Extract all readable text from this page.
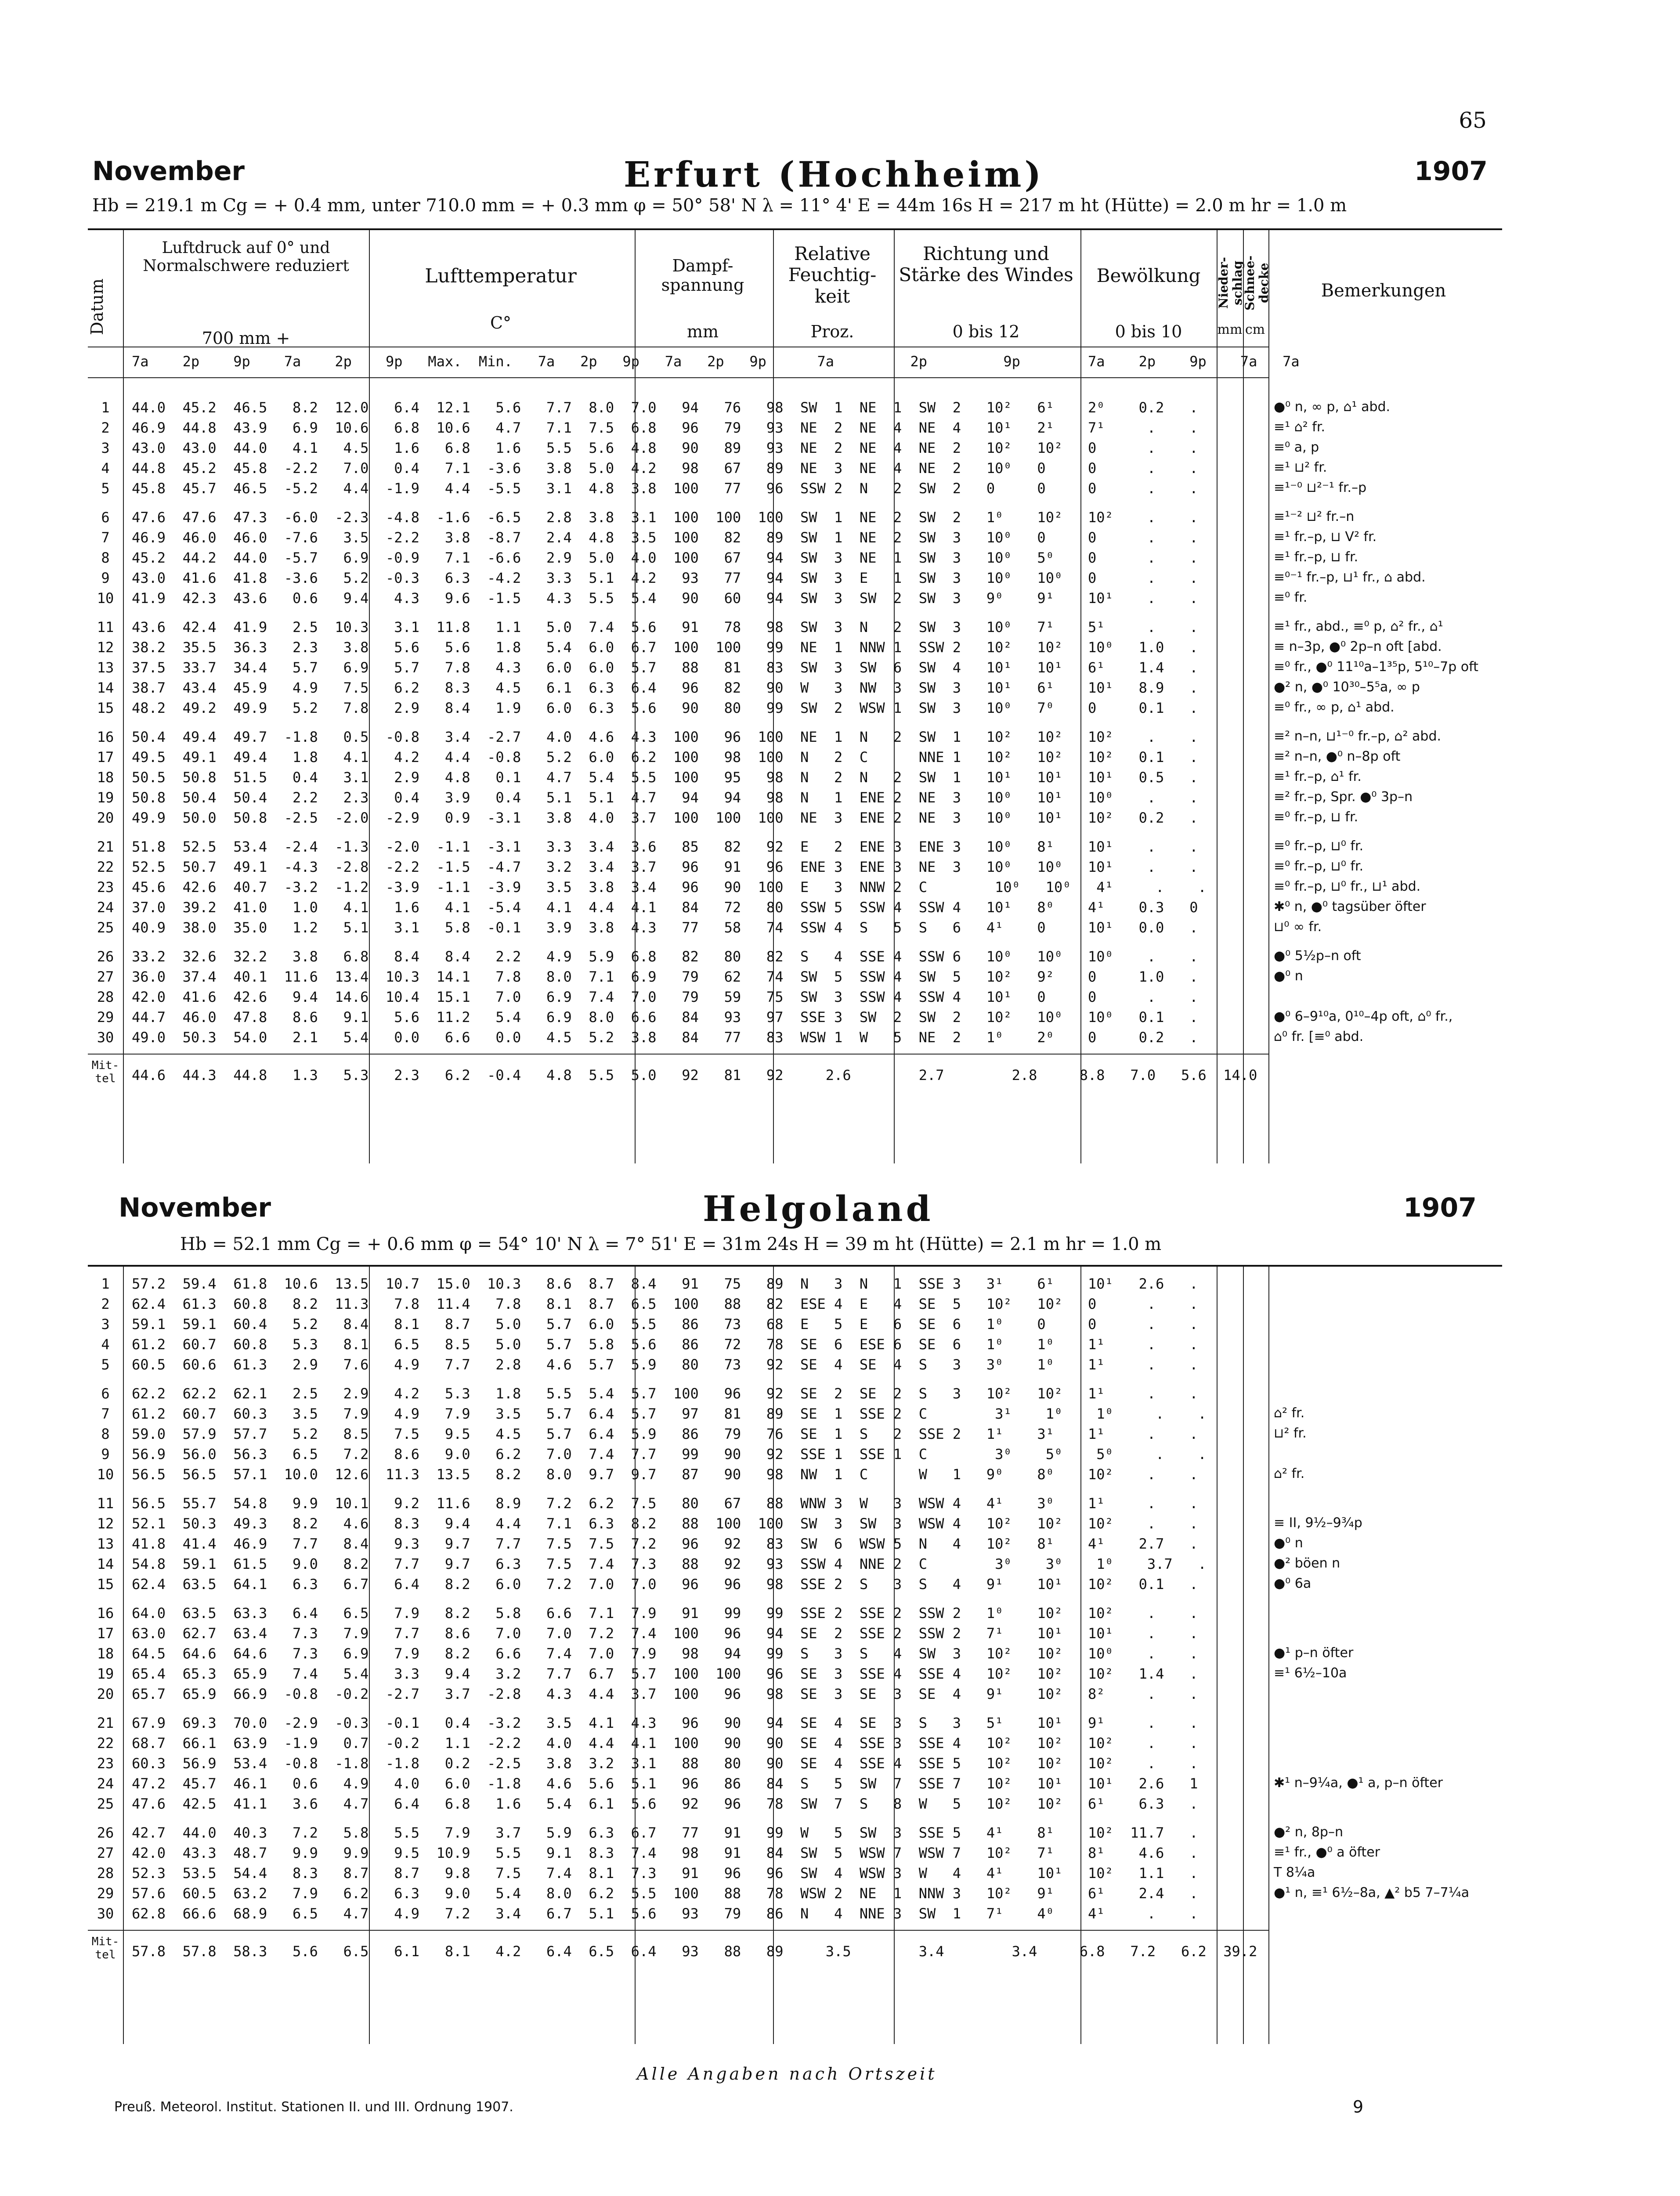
65
November	Erfurt (Hochheim)	1907
Hb = 219.1 m Cg = + 0.4 mm, unter 710.0 mm = + 0.3 mm φ = 50° 58' N λ = 11° 4' E = 44m 16s H = 217 m ht (Hütte) = 2.0 m hr = 1.0 m
Datum
Luftdruck auf 0° und Normalschwere reduziert
700 mm +
Lufttemperatur
C°
Dampf-spannung
mm
Relative Feuchtig-keit
Proz.
Richtung und Stärke des Windes
0 bis 12
Bewölkung
0 bis 10
Nieder-schlag
mm
Schnee-decke
cm
Bemerkungen
7a    2p    9p    7a    2p    9p   Max.  Min.   7a   2p   9p   7a   2p   9p      7a         2p         9p        7a    2p    9p    7a   7a
1	44.0  45.2  46.5   8.2  12.0   6.4  12.1   5.6   7.7  8.0  7.0   94   76   98  SW  1  NE  1  SW  2   10²   6¹    2⁰    0.2   .	●⁰ n, ∞ p, ⌂¹ abd.
2	46.9  44.8  43.9   6.9  10.6   6.8  10.6   4.7   7.1  7.5  6.8   96   79   93  NE  2  NE  4  NE  4   10¹   2¹    7¹     .    .	≡¹ ⌂² fr.
3	43.0  43.0  44.0   4.1   4.5   1.6   6.8   1.6   5.5  5.6  4.8   90   89   93  NE  2  NE  4  NE  2   10²   10²   0      .    .	≡⁰ a, p
4	44.8  45.2  45.8  -2.2   7.0   0.4   7.1  -3.6   3.8  5.0  4.2   98   67   89  NE  3  NE  4  NE  2   10⁰   0     0      .    .	≡¹ ⊔² fr.
5	45.8  45.7  46.5  -5.2   4.4  -1.9   4.4  -5.5   3.1  4.8  3.8  100   77   96  SSW 2  N   2  SW  2   0     0     0      .    .	≡¹⁻⁰ ⊔²⁻¹ fr.–p
6	47.6  47.6  47.3  -6.0  -2.3  -4.8  -1.6  -6.5   2.8  3.8  3.1  100  100  100  SW  1  NE  2  SW  2   1⁰    10²   10²    .    .	≡¹⁻² ⊔² fr.–n
7	46.9  46.0  46.0  -7.6   3.5  -2.2   3.8  -8.7   2.4  4.8  3.5  100   82   89  SW  1  NE  2  SW  3   10⁰   0     0      .    .	≡¹ fr.–p, ⊔ V² fr.
8	45.2  44.2  44.0  -5.7   6.9  -0.9   7.1  -6.6   2.9  5.0  4.0  100   67   94  SW  3  NE  1  SW  3   10⁰   5⁰    0      .    .	≡¹ fr.–p, ⊔ fr.
9	43.0  41.6  41.8  -3.6   5.2  -0.3   6.3  -4.2   3.3  5.1  4.2   93   77   94  SW  3  E   1  SW  3   10⁰   10⁰   0      .    .	≡⁰⁻¹ fr.–p, ⊔¹ fr., ⌂ abd.
10	41.9  42.3  43.6   0.6   9.4   4.3   9.6  -1.5   4.3  5.5  5.4   90   60   94  SW  3  SW  2  SW  3   9⁰    9¹    10¹    .    .	≡⁰ fr.
11	43.6  42.4  41.9   2.5  10.3   3.1  11.8   1.1   5.0  7.4  5.6   91   78   98  SW  3  N   2  SW  3   10⁰   7¹    5¹     .    .	≡¹ fr., abd., ≡⁰ p, ⌂² fr., ⌂¹
12	38.2  35.5  36.3   2.3   3.8   5.6   5.6   1.8   5.4  6.0  6.7  100  100   99  NE  1  NNW 1  SSW 2   10²   10²   10⁰   1.0   .	≡ n–3p, ●⁰ 2p–n oft [abd.
13	37.5  33.7  34.4   5.7   6.9   5.7   7.8   4.3   6.0  6.0  5.7   88   81   83  SW  3  SW  6  SW  4   10¹   10¹   6¹    1.4   .	≡⁰ fr., ●⁰ 11¹⁰a–1³⁵p, 5¹⁰–7p oft
14	38.7  43.4  45.9   4.9   7.5   6.2   8.3   4.5   6.1  6.3  6.4   96   82   90  W   3  NW  3  SW  3   10¹   6¹    10¹   8.9   .	●² n, ●⁰ 10³⁰–5⁵a, ∞ p
15	48.2  49.2  49.9   5.2   7.8   2.9   8.4   1.9   6.0  6.3  5.6   90   80   99  SW  2  WSW 1  SW  3   10⁰   7⁰    0     0.1   .	≡⁰ fr., ∞ p, ⌂¹ abd.
16	50.4  49.4  49.7  -1.8   0.5  -0.8   3.4  -2.7   4.0  4.6  4.3  100   96  100  NE  1  N   2  SW  1   10²   10²   10²    .    .	≡² n–n, ⊔¹⁻⁰ fr.–p, ⌂² abd.
17	49.5  49.1  49.4   1.8   4.1   4.2   4.4  -0.8   5.2  6.0  6.2  100   98  100  N   2  C      NNE 1   10²   10²   10²   0.1   .	≡² n–n, ●⁰ n–8p oft
18	50.5  50.8  51.5   0.4   3.1   2.9   4.8   0.1   4.7  5.4  5.5  100   95   98  N   2  N   2  SW  1   10¹   10¹   10¹   0.5   .	≡¹ fr.–p, ⌂¹ fr.
19	50.8  50.4  50.4   2.2   2.3   0.4   3.9   0.4   5.1  5.1  4.7   94   94   98  N   1  ENE 2  NE  3   10⁰   10¹   10⁰    .    .	≡² fr.–p, Spr. ●⁰ 3p–n
20	49.9  50.0  50.8  -2.5  -2.0  -2.9   0.9  -3.1   3.8  4.0  3.7  100  100  100  NE  3  ENE 2  NE  3   10⁰   10¹   10²   0.2   .	≡⁰ fr.–p, ⊔ fr.
21	51.8  52.5  53.4  -2.4  -1.3  -2.0  -1.1  -3.1   3.3  3.4  3.6   85   82   92  E   2  ENE 3  ENE 3   10⁰   8¹    10¹    .    .	≡⁰ fr.–p, ⊔⁰ fr.
22	52.5  50.7  49.1  -4.3  -2.8  -2.2  -1.5  -4.7   3.2  3.4  3.7   96   91   96  ENE 3  ENE 3  NE  3   10⁰   10⁰   10¹    .    .	≡⁰ fr.–p, ⊔⁰ fr.
23	45.6  42.6  40.7  -3.2  -1.2  -3.9  -1.1  -3.9   3.5  3.8  3.4   96   90  100  E   3  NNW 2  C        10⁰   10⁰   4¹     .    .	≡⁰ fr.–p, ⊔⁰ fr., ⊔¹ abd.
24	37.0  39.2  41.0   1.0   4.1   1.6   4.1  -5.4   4.1  4.4  4.1   84   72   80  SSW 5  SSW 4  SSW 4   10¹   8⁰    4¹    0.3   0	✱⁰ n, ●⁰ tagsüber öfter
25	40.9  38.0  35.0   1.2   5.1   3.1   5.8  -0.1   3.9  3.8  4.3   77   58   74  SSW 4  S   5  S   6   4¹    0     10¹   0.0   .	⊔⁰ ∞ fr.
26	33.2  32.6  32.2   3.8   6.8   8.4   8.4   2.2   4.9  5.9  6.8   82   80   82  S   4  SSE 4  SSW 6   10⁰   10⁰   10⁰    .    .	●⁰ 5½p–n oft
27	36.0  37.4  40.1  11.6  13.4  10.3  14.1   7.8   8.0  7.1  6.9   79   62   74  SW  5  SSW 4  SW  5   10²   9²    0     1.0   .	●⁰ n
28	42.0  41.6  42.6   9.4  14.6  10.4  15.1   7.0   6.9  7.4  7.0   79   59   75  SW  3  SSW 4  SSW 4   10¹   0     0      .    .
29	44.7  46.0  47.8   8.6   9.1   5.6  11.2   5.4   6.9  8.0  6.6   84   93   97  SSE 3  SW  2  SW  2   10²   10⁰   10⁰   0.1   .	●⁰ 6–9¹⁰a, 0¹⁰–4p oft, ⌂⁰ fr.,
30	49.0  50.3  54.0   2.1   5.4   0.0   6.6   0.0   4.5  5.2  3.8   84   77   83  WSW 1  W   5  NE  2   1⁰    2⁰    0     0.2   .	⌂⁰ fr. [≡⁰ abd.
44.6  44.3  44.8   1.3   5.3   2.3   6.2  -0.4   4.8  5.5  5.0   92   81   92     2.6        2.7        2.8     8.8   7.0   5.6  14.0
Mit-
tel
November	Helgoland	1907
Hb = 52.1 mm Cg = + 0.6 mm φ = 54° 10' N λ = 7° 51' E = 31m 24s H = 39 m ht (Hütte) = 2.1 m hr = 1.0 m
1	57.2  59.4  61.8  10.6  13.5  10.7  15.0  10.3   8.6  8.7  8.4   91   75   89  N   3  N   1  SSE 3   3¹    6¹    10¹   2.6   .
2	62.4  61.3  60.8   8.2  11.3   7.8  11.4   7.8   8.1  8.7  6.5  100   88   82  ESE 4  E   4  SE  5   10²   10²   0      .    .
3	59.1  59.1  60.4   5.2   8.4   8.1   8.7   5.0   5.7  6.0  5.5   86   73   68  E   5  E   6  SE  6   1⁰    0     0      .    .
4	61.2  60.7  60.8   5.3   8.1   6.5   8.5   5.0   5.7  5.8  5.6   86   72   78  SE  6  ESE 6  SE  6   1⁰    1⁰    1¹     .    .
5	60.5  60.6  61.3   2.9   7.6   4.9   7.7   2.8   4.6  5.7  5.9   80   73   92  SE  4  SE  4  S   3   3⁰    1⁰    1¹     .    .
6	62.2  62.2  62.1   2.5   2.9   4.2   5.3   1.8   5.5  5.4  5.7  100   96   92  SE  2  SE  2  S   3   10²   10²   1¹     .    .
7	61.2  60.7  60.3   3.5   7.9   4.9   7.9   3.5   5.7  6.4  5.7   97   81   89  SE  1  SSE 2  C        3¹    1⁰    1⁰     .    .	⌂² fr.
8	59.0  57.9  57.7   5.2   8.5   7.5   9.5   4.5   5.7  6.4  5.9   86   79   76  SE  1  S   2  SSE 2   1¹    3¹    1¹     .    .	⊔² fr.
9	56.9  56.0  56.3   6.5   7.2   8.6   9.0   6.2   7.0  7.4  7.7   99   90   92  SSE 1  SSE 1  C        3⁰    5⁰    5⁰     .    .
10	56.5  56.5  57.1  10.0  12.6  11.3  13.5   8.2   8.0  9.7  9.7   87   90   98  NW  1  C      W   1   9⁰    8⁰    10²    .    .	⌂² fr.
11	56.5  55.7  54.8   9.9  10.1   9.2  11.6   8.9   7.2  6.2  7.5   80   67   88  WNW 3  W   3  WSW 4   4¹    3⁰    1¹     .    .
12	52.1  50.3  49.3   8.2   4.6   8.3   9.4   4.4   7.1  6.3  8.2   88  100  100  SW  3  SW  3  WSW 4   10²   10²   10²    .    .	≡ II, 9½–9¾p
13	41.8  41.4  46.9   7.7   8.4   9.3   9.7   7.7   7.5  7.5  7.2   96   92   83  SW  6  WSW 5  N   4   10²   8¹    4¹    2.7   .	●⁰ n
14	54.8  59.1  61.5   9.0   8.2   7.7   9.7   6.3   7.5  7.4  7.3   88   92   93  SSW 4  NNE 2  C        3⁰    3⁰    1⁰    3.7   .	●² böen n
15	62.4  63.5  64.1   6.3   6.7   6.4   8.2   6.0   7.2  7.0  7.0   96   96   98  SSE 2  S   3  S   4   9¹    10¹   10²   0.1   .	●⁰ 6a
16	64.0  63.5  63.3   6.4   6.5   7.9   8.2   5.8   6.6  7.1  7.9   91   99   99  SSE 2  SSE 2  SSW 2   1⁰    10²   10²    .    .
17	63.0  62.7  63.4   7.3   7.9   7.7   8.6   7.0   7.0  7.2  7.4  100   96   94  SE  2  SSE 2  SSW 2   7¹    10¹   10¹    .    .
18	64.5  64.6  64.6   7.3   6.9   7.9   8.2   6.6   7.4  7.0  7.9   98   94   99  S   3  S   4  SW  3   10²   10²   10⁰    .    .	●¹ p–n öfter
19	65.4  65.3  65.9   7.4   5.4   3.3   9.4   3.2   7.7  6.7  5.7  100  100   96  SE  3  SSE 4  SSE 4   10²   10²   10²   1.4   .	≡¹ 6½–10a
20	65.7  65.9  66.9  -0.8  -0.2  -2.7   3.7  -2.8   4.3  4.4  3.7  100   96   98  SE  3  SE  3  SE  4   9¹    10²   8²     .    .
21	67.9  69.3  70.0  -2.9  -0.3  -0.1   0.4  -3.2   3.5  4.1  4.3   96   90   94  SE  4  SE  3  S   3   5¹    10¹   9¹     .    .
22	68.7  66.1  63.9  -1.9   0.7  -0.2   1.1  -2.2   4.0  4.4  4.1  100   90   90  SE  4  SSE 3  SSE 4   10²   10²   10²    .    .
23	60.3  56.9  53.4  -0.8  -1.8  -1.8   0.2  -2.5   3.8  3.2  3.1   88   80   90  SE  4  SSE 4  SSE 5   10²   10²   10²    .    .
24	47.2  45.7  46.1   0.6   4.9   4.0   6.0  -1.8   4.6  5.6  5.1   96   86   84  S   5  SW  7  SSE 7   10²   10¹   10¹   2.6   1	✱¹ n–9¼a, ●¹ a, p–n öfter
25	47.6  42.5  41.1   3.6   4.7   6.4   6.8   1.6   5.4  6.1  5.6   92   96   78  SW  7  S   8  W   5   10²   10²   6¹    6.3   .
26	42.7  44.0  40.3   7.2   5.8   5.5   7.9   3.7   5.9  6.3  6.7   77   91   99  W   5  SW  3  SSE 5   4¹    8¹    10²  11.7   .	●² n, 8p–n
27	42.0  43.3  48.7   9.9   9.9   9.5  10.9   5.5   9.1  8.3  7.4   98   91   84  SW  5  WSW 7  WSW 7   10²   7¹    8¹    4.6   .	≡¹ fr., ●⁰ a öfter
28	52.3  53.5  54.4   8.3   8.7   8.7   9.8   7.5   7.4  8.1  7.3   91   96   96  SW  4  WSW 3  W   4   4¹    10¹   10²   1.1   .	T 8¼a
29	57.6  60.5  63.2   7.9   6.2   6.3   9.0   5.4   8.0  6.2  5.5  100   88   78  WSW 2  NE  1  NNW 3   10²   9¹    6¹    2.4   .	●¹ n, ≡¹ 6½–8a, ▲² b5 7–7¼a
30	62.8  66.6  68.9   6.5   4.7   4.9   7.2   3.4   6.7  5.1  5.6   93   79   86  N   4  NNE 3  SW  1   7¹    4⁰    4¹     .    .
57.8  57.8  58.3   5.6   6.5   6.1   8.1   4.2   6.4  6.5  6.4   93   88   89     3.5        3.4        3.4     6.8   7.2   6.2  39.2
Mit-
tel
Alle Angaben nach Ortszeit
Preuß. Meteorol. Institut. Stationen II. und III. Ordnung 1907.	9
